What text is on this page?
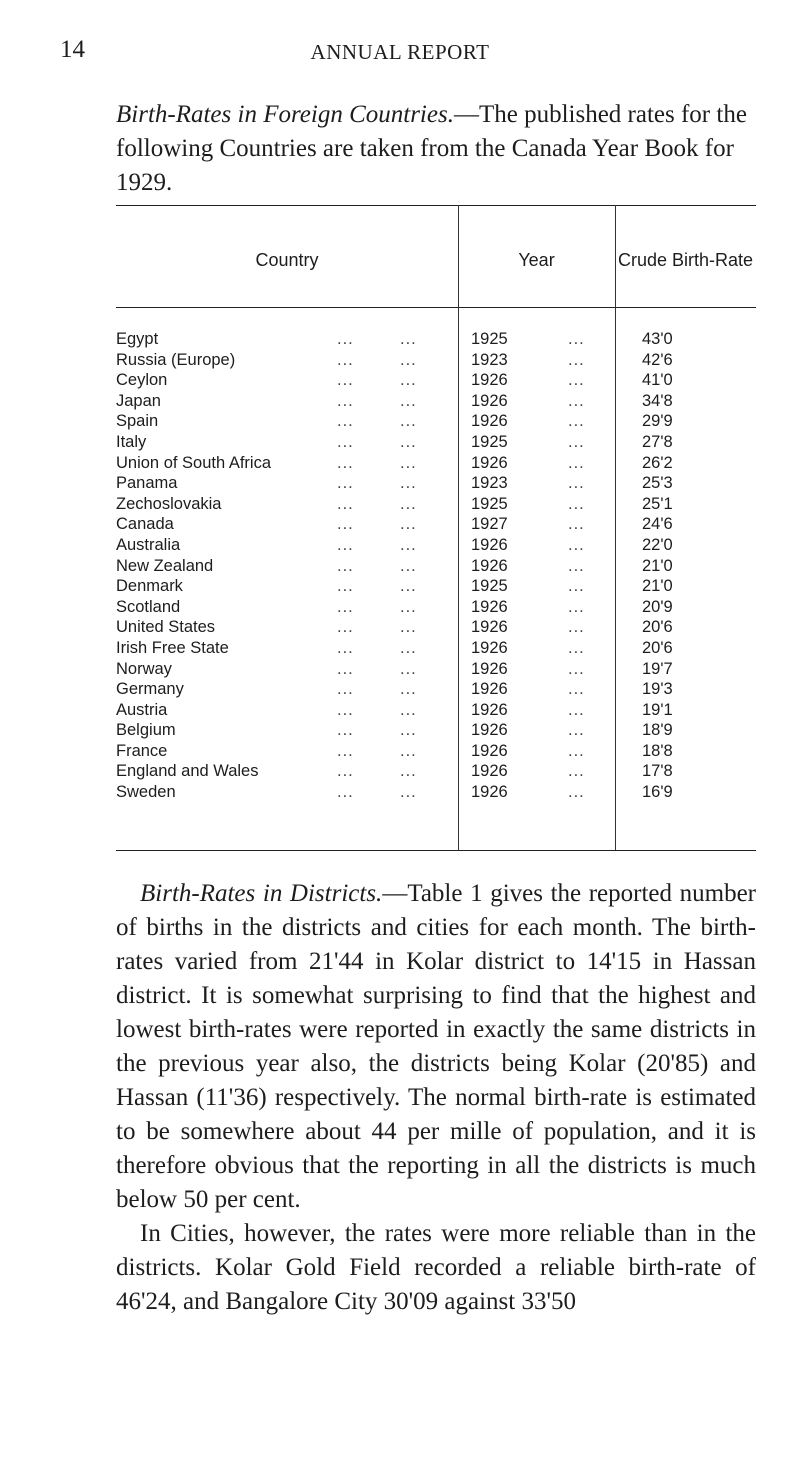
14	ANNUAL REPORT
Birth-Rates in Foreign Countries.—The published rates for the following Countries are taken from the Canada Year Book for 1929.
Country	Year	Crude Birth-Rate
Egypt	...	...	1925	...	43'0
Russia (Europe)	...	...	1923	...	42'6
Ceylon	...	...	1926	...	41'0
Japan	...	...	1926	...	34'8
Spain	...	...	1926	...	29'9
Italy	...	...	1925	...	27'8
Union of South Africa	...	...	1926	...	26'2
Panama	...	...	1923	...	25'3
Zechoslovakia	...	...	1925	...	25'1
Canada	...	...	1927	...	24'6
Australia	...	...	1926	...	22'0
New Zealand	...	...	1926	...	21'0
Denmark	...	...	1925	...	21'0
Scotland	...	...	1926	...	20'9
United States	...	...	1926	...	20'6
Irish Free State	...	...	1926	...	20'6
Norway	...	...	1926	...	19'7
Germany	...	...	1926	...	19'3
Austria	...	...	1926	...	19'1
Belgium	...	...	1926	...	18'9
France	...	...	1926	...	18'8
England and Wales	...	...	1926	...	17'8
Sweden	...	...	1926	...	16'9

Birth-Rates in Districts.—Table 1 gives the reported number of births in the districts and cities for each month. The birth-rates varied from 21'44 in Kolar district to 14'15 in Hassan district. It is somewhat surprising to find that the highest and lowest birth-rates were reported in exactly the same districts in the previous year also, the districts being Kolar (20'85) and Hassan (11'36) respectively. The normal birth-rate is estimated to be somewhere about 44 per mille of population, and it is therefore obvious that the reporting in all the districts is much below 50 per cent.

In Cities, however, the rates were more reliable than in the districts. Kolar Gold Field recorded a reliable birth-rate of 46'24, and Bangalore City 30'09 against 33'50
